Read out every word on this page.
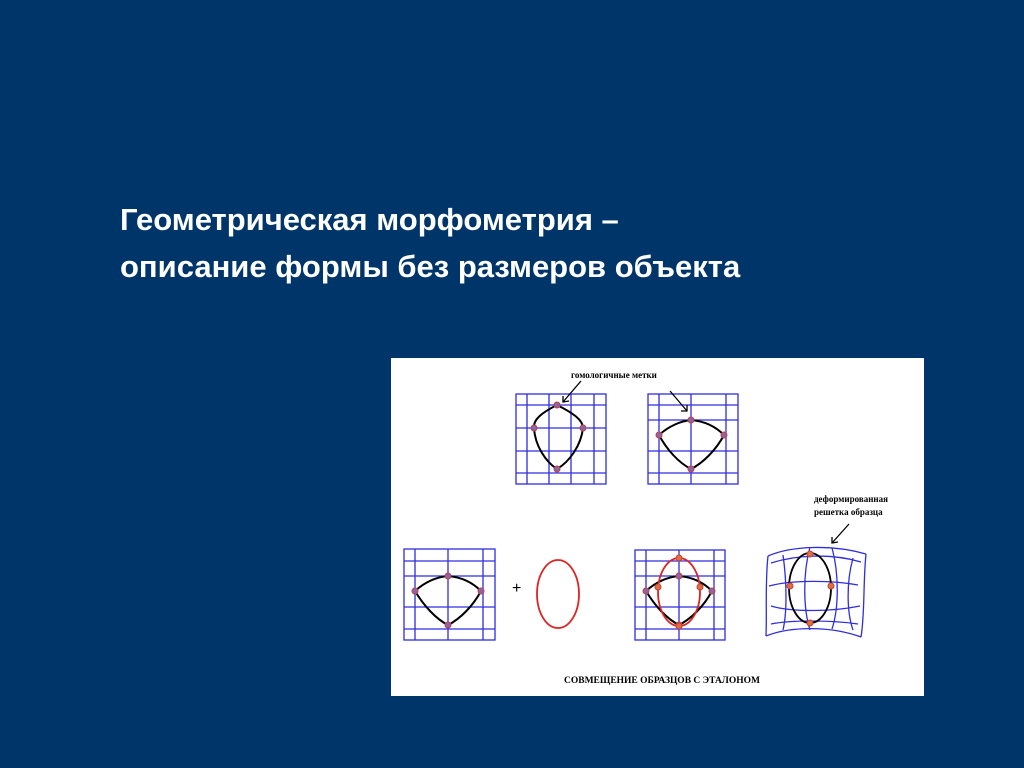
Геометрическая морфометрия –
описание формы без размеров объекта
гомологичные метки
+
деформированная
решетка образца
СОВМЕЩЕНИЕ ОБРАЗЦОВ С ЭТАЛОНОМ
